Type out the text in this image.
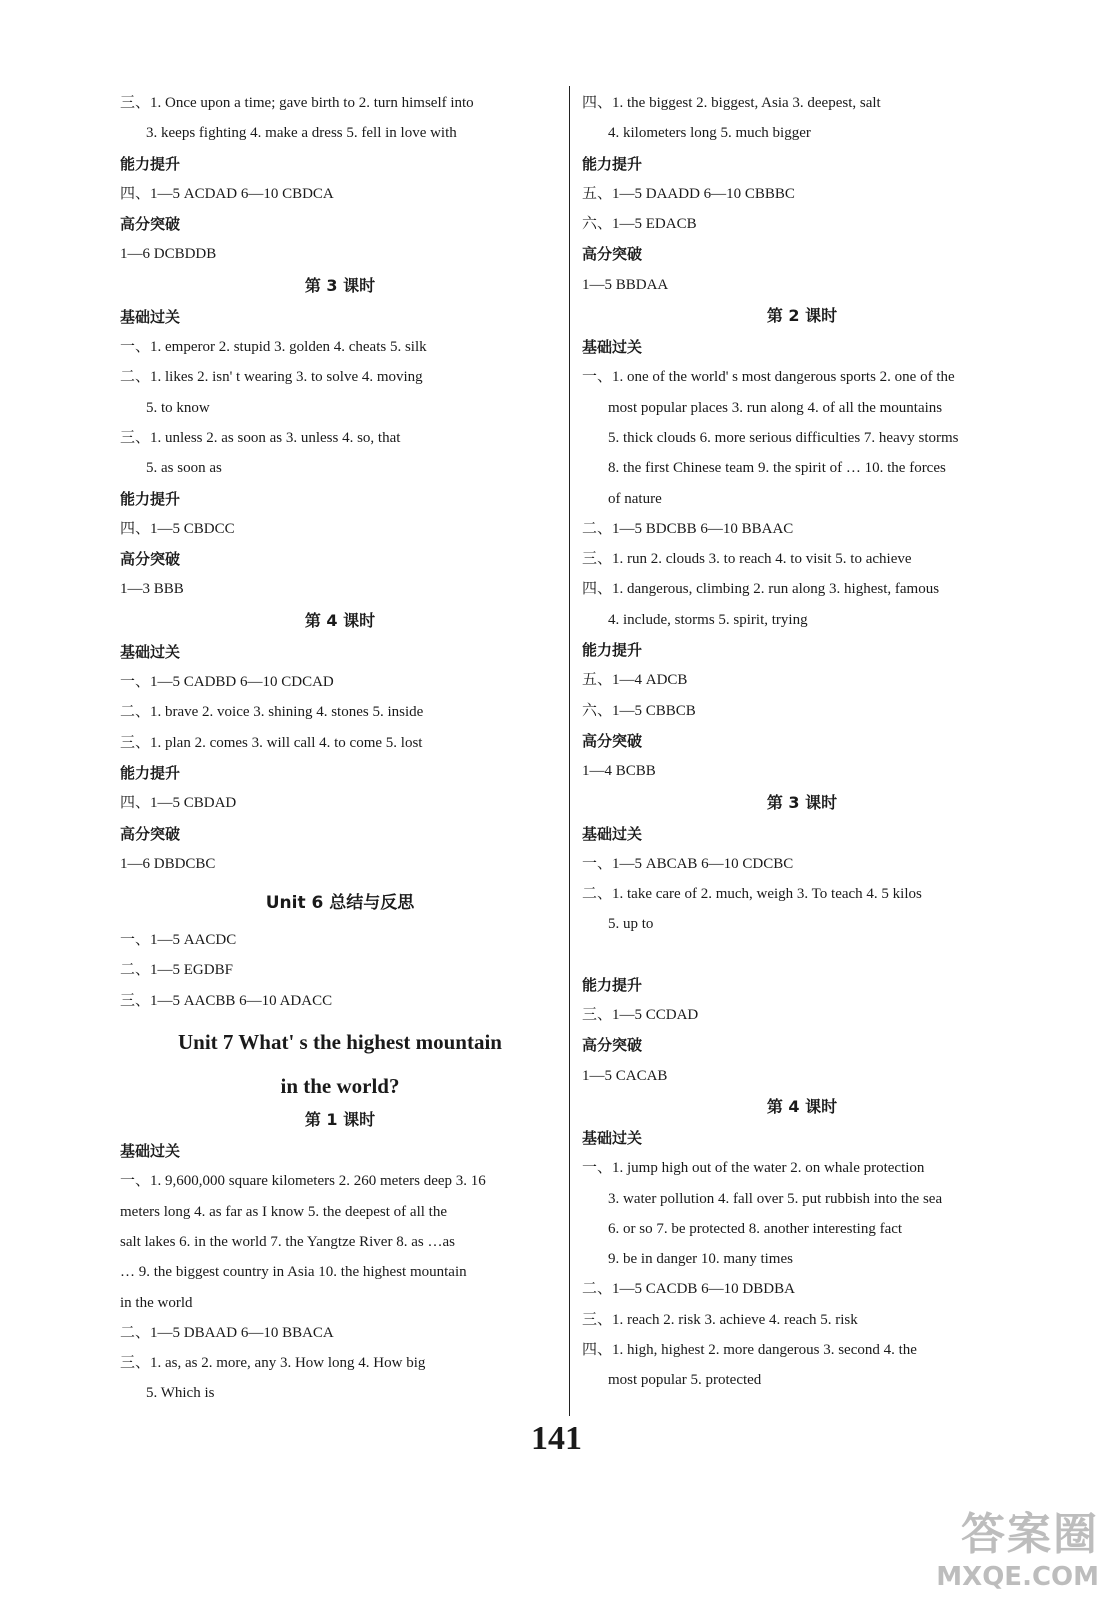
三、1. Once upon a time; gave birth to 2. turn himself into
3. keeps fighting 4. make a dress 5. fell in love with
能力提升
四、1—5 ACDAD 6—10 CBDCA
高分突破
1—6 DCBDDB
第 3 课时
基础过关
一、1. emperor 2. stupid 3. golden 4. cheats 5. silk
二、1. likes 2. isn' t wearing 3. to solve 4. moving
5. to know
三、1. unless 2. as soon as 3. unless 4. so, that
5. as soon as
能力提升
四、1—5 CBDCC
高分突破
1—3 BBB
第 4 课时
基础过关
一、1—5 CADBD 6—10 CDCAD
二、1. brave 2. voice 3. shining 4. stones 5. inside
三、1. plan 2. comes 3. will call 4. to come 5. lost
能力提升
四、1—5 CBDAD
高分突破
1—6 DBDCBC
Unit 6 总结与反思
一、1—5 AACDC
二、1—5 EGDBF
三、1—5 AACBB 6—10 ADACC
Unit 7 What' s the highest mountain
in the world?
第 1 课时
基础过关
一、1. 9,600,000 square kilometers 2. 260 meters deep 3. 16
meters long 4. as far as I know 5. the deepest of all the
salt lakes 6. in the world 7. the Yangtze River 8. as …as
… 9. the biggest country in Asia 10. the highest mountain
in the world
二、1—5 DBAAD 6—10 BBACA
三、1. as, as 2. more, any 3. How long 4. How big
5. Which is
四、1. the biggest 2. biggest, Asia 3. deepest, salt
4. kilometers long 5. much bigger
能力提升
五、1—5 DAADD 6—10 CBBBC
六、1—5 EDACB
高分突破
1—5 BBDAA
第 2 课时
基础过关
一、1. one of the world' s most dangerous sports 2. one of the
most popular places 3. run along 4. of all the mountains
5. thick clouds 6. more serious difficulties 7. heavy storms
8. the first Chinese team 9. the spirit of … 10. the forces
of nature
二、1—5 BDCBB 6—10 BBAAC
三、1. run 2. clouds 3. to reach 4. to visit 5. to achieve
四、1. dangerous, climbing 2. run along 3. highest, famous
4. include, storms 5. spirit, trying
能力提升
五、1—4 ADCB
六、1—5 CBBCB
高分突破
1—4 BCBB
第 3 课时
基础过关
一、1—5 ABCAB 6—10 CDCBC
二、1. take care of 2. much, weigh 3. To teach 4. 5 kilos
5. up to
能力提升
三、1—5 CCDAD
高分突破
1—5 CACAB
第 4 课时
基础过关
一、1. jump high out of the water 2. on whale protection
3. water pollution 4. fall over 5. put rubbish into the sea
6. or so 7. be protected 8. another interesting fact
9. be in danger 10. many times
二、1—5 CACDB 6—10 DBDBA
三、1. reach 2. risk 3. achieve 4. reach 5. risk
四、1. high, highest 2. more dangerous 3. second 4. the
most popular 5. protected
141
答案圈
MXQE.COM
